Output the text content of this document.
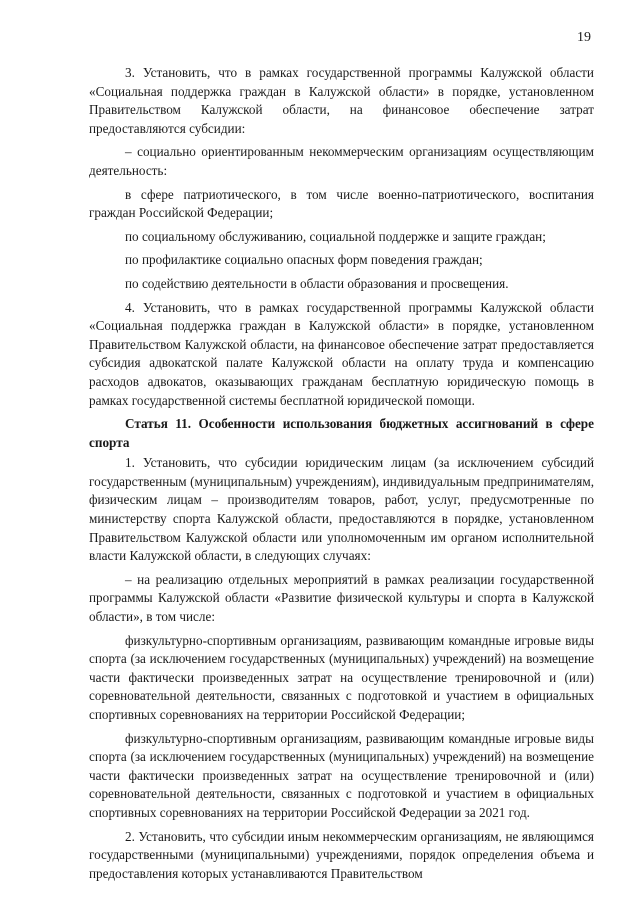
19

3. Установить, что в рамках государственной программы Калужской области «Социальная поддержка граждан в Калужской области» в порядке, установленном Правительством Калужской области, на финансовое обеспечение затрат предоставляются субсидии:

– социально ориентированным некоммерческим организациям осуществляющим деятельность:

в сфере патриотического, в том числе военно-патриотического, воспитания граждан Российской Федерации;

по социальному обслуживанию, социальной поддержке и защите граждан;

по профилактике социально опасных форм поведения граждан;

по содействию деятельности в области образования и просвещения.

4. Установить, что в рамках государственной программы Калужской области «Социальная поддержка граждан в Калужской области» в порядке, установленном Правительством Калужской области, на финансовое обеспечение затрат предоставляется субсидия адвокатской палате Калужской области на оплату труда и компенсацию расходов адвокатов, оказывающих гражданам бесплатную юридическую помощь в рамках государственной системы бесплатной юридической помощи.

Статья 11. Особенности использования бюджетных ассигнований в сфере спорта

1. Установить, что субсидии юридическим лицам (за исключением субсидий государственным (муниципальным) учреждениям), индивидуальным предпринимателям, физическим лицам – производителям товаров, работ, услуг, предусмотренные по министерству спорта Калужской области, предоставляются в порядке, установленном Правительством Калужской области или уполномоченным им органом исполнительной власти Калужской области, в следующих случаях:

– на реализацию отдельных мероприятий в рамках реализации государственной программы Калужской области «Развитие физической культуры и спорта в Калужской области», в том числе:

физкультурно-спортивным организациям, развивающим командные игровые виды спорта (за исключением государственных (муниципальных) учреждений) на возмещение части фактически произведенных затрат на осуществление тренировочной и (или) соревновательной деятельности, связанных с подготовкой и участием в официальных спортивных соревнованиях на территории Российской Федерации;

физкультурно-спортивным организациям, развивающим командные игровые виды спорта (за исключением государственных (муниципальных) учреждений) на возмещение части фактически произведенных затрат на осуществление тренировочной и (или) соревновательной деятельности, связанных с подготовкой и участием в официальных спортивных соревнованиях на территории Российской Федерации за 2021 год.

2. Установить, что субсидии иным некоммерческим организациям, не являющимся государственными (муниципальными) учреждениями, порядок определения объема и предоставления которых устанавливаются Правительством
